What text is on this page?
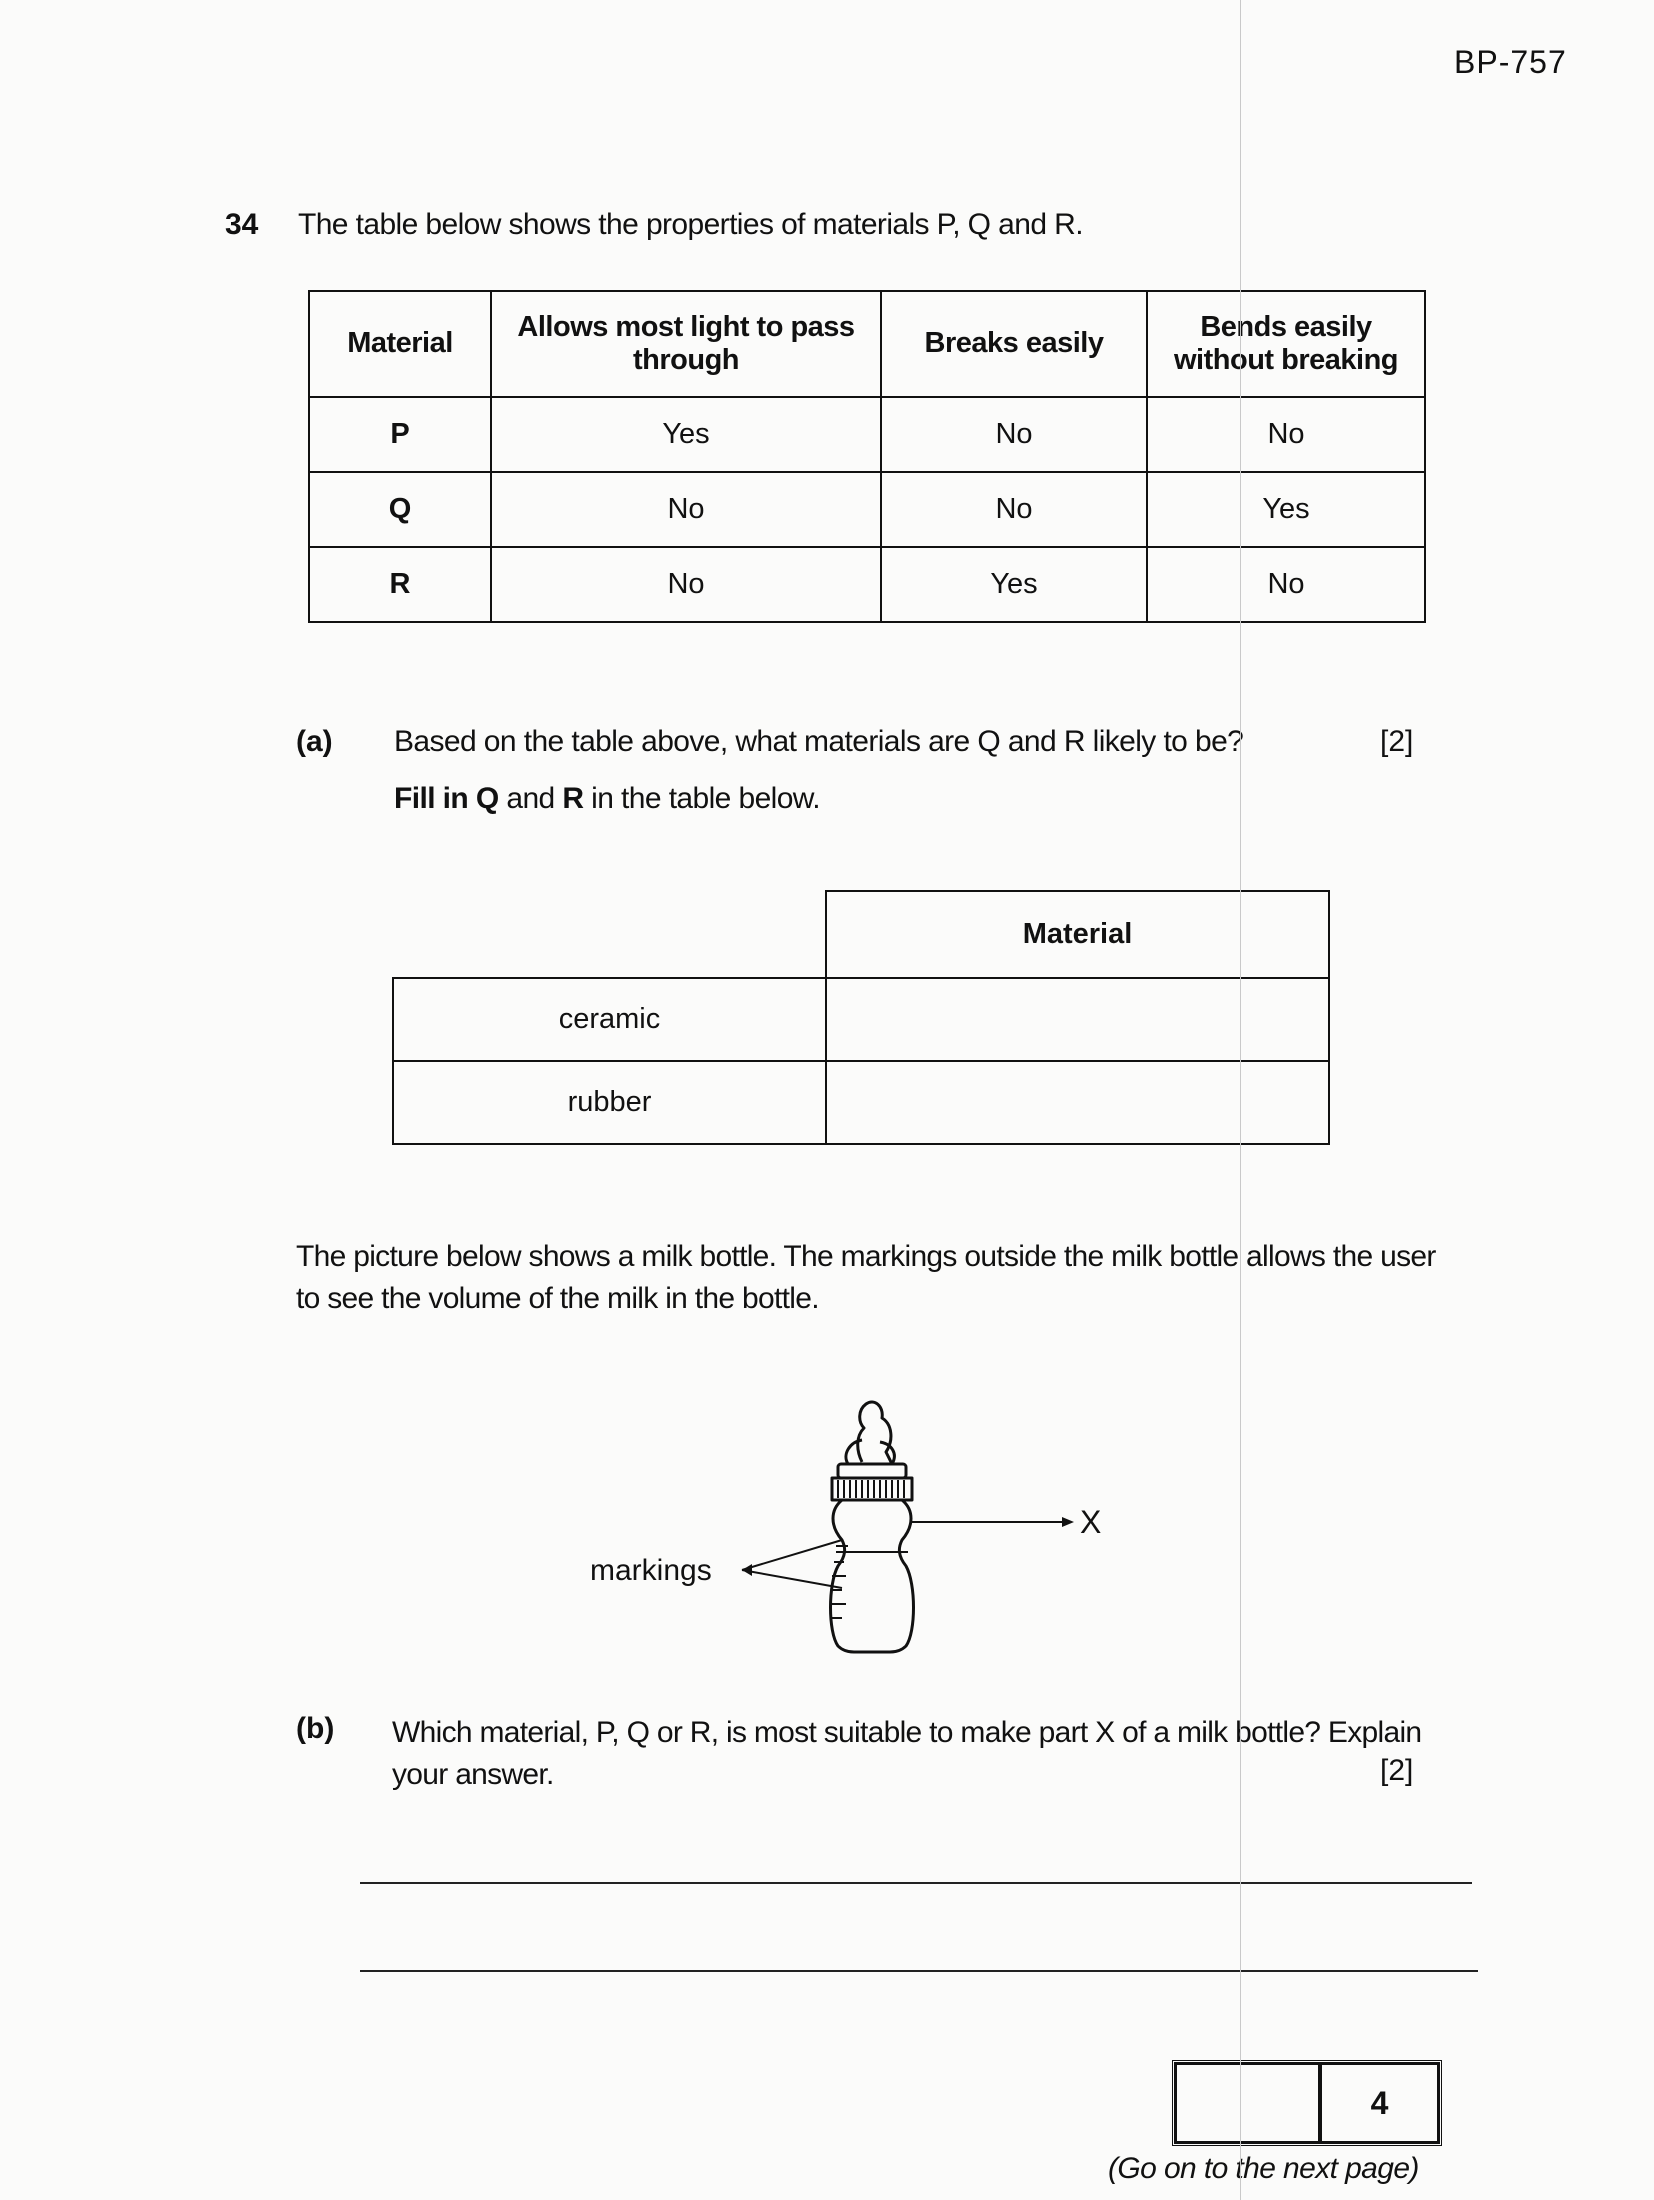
BP-757
34 The table below shows the properties of materials P, Q and R.
Material	Allows most light to pass through	Breaks easily	Bends easily without breaking
P	Yes	No	No
Q	No	No	Yes
R	No	Yes	No
(a) Based on the table above, what materials are Q and R likely to be?	[2]
Fill in Q and R in the table below.
	Material
ceramic	
rubber	
The picture below shows a milk bottle. The markings outside the milk bottle allows the user to see the volume of the milk in the bottle.
markings
X
(b) Which material, P, Q or R, is most suitable to make part X of a milk bottle? Explain your answer.	[2]
4
(Go on to the next page)
